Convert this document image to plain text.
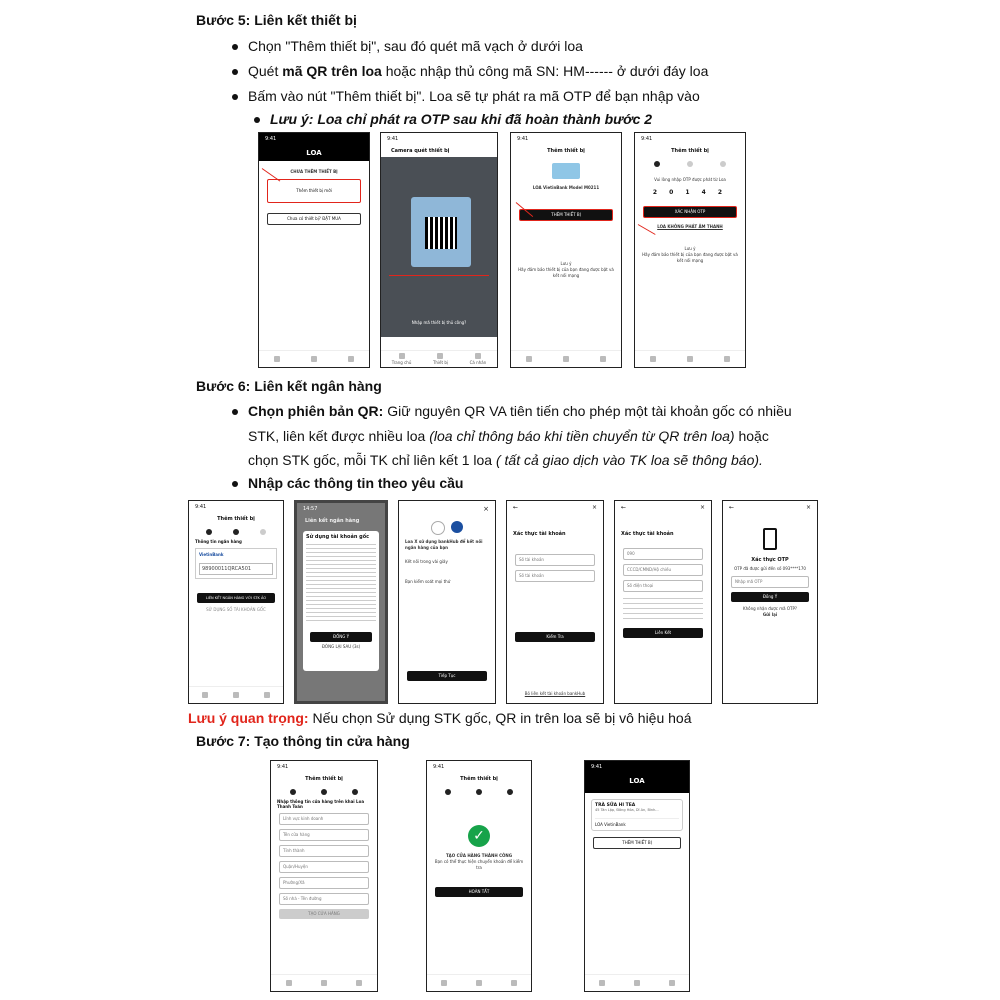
Bước 5: Liên kết thiết bị
Chọn "Thêm thiết bị", sau đó quét mã vạch ở dưới loa
Quét mã QR trên loa hoặc nhập thủ công mã SN: HM------ ở dưới đáy loa
Bấm vào nút "Thêm thiết bị". Loa sẽ tự phát ra mã OTP để bạn nhập vào
Lưu ý: Loa chỉ phát ra OTP sau khi đã hoàn thành bước 2
9:41
LOA
CHƯA THÊM THIẾT BỊ
Thêm thiết bị mới
Chưa có thiết bị? ĐẶT MUA
9:41
Camera quét thiết bị
Nhập mã thiết bị thủ công?

Trang chủ	Thiết bị	Cá nhân
9:41
Thêm thiết bị
LOA VietinBank Model M0211
THÊM THIẾT BỊ
Lưu ý
Hãy đảm bảo thiết bị của bạn đang được bật và kết nối mạng
9:41
Thêm thiết bị
Vui lòng nhập OTP được phát từ Loa
2 0 1 4 2
XÁC NHẬN OTP
LOA KHÔNG PHÁT ÂM THANH
Lưu ý
Hãy đảm bảo thiết bị của bạn đang được bật và kết nối mạng
Bước 6: Liên kết ngân hàng
Chọn phiên bản QR: Giữ nguyên QR VA tiên tiến cho phép một tài khoản gốc có nhiều
STK, liên kết được nhiều loa (loa chỉ thông báo khi tiền chuyển từ QR trên loa) hoặc
chọn STK gốc, mỗi TK chỉ liên kết 1 loa ( tất cả giao dịch vào TK loa sẽ thông báo).
Nhập các thông tin theo yêu cầu
9:41
Thêm thiết bị
Thông tin ngân hàng
VietinBank
98900011QRCA501
LIÊN KẾT NGÂN HÀNG VỚI STK ẢO
SỬ DỤNG SỐ TÀI KHOẢN GỐC
14:57
Liên kết ngân hàng
Sử dụng tài khoản gốc
ĐỒNG Ý
ĐÓNG LẠI SAU (3s)
×
Loa X sử dụng bankHub để kết nối ngân hàng của bạn
Kết nối trong vài giây
Bạn kiểm soát mọi thứ
Tiếp Tục
←	×
Xác thực tài khoản
Số tài khoản
Số tài khoản
Kiểm Tra
Bỏ liên kết tài khoản bankHub
←	×
Xác thực tài khoản
090
CCCD/CMND/Hộ chiếu
Số điện thoại
Liên Kết
←	×
Xác thực OTP
OTP đã được gửi đến số 093****170
Nhập mã OTP
Đồng Ý
Không nhận được mã OTP?
Gửi lại
Lưu ý quan trọng: Nếu chọn Sử dụng STK gốc, QR in trên loa sẽ bị vô hiệu hoá
Bước 7: Tạo thông tin cửa hàng
9:41
Thêm thiết bị
Nhập thông tin cửa hàng trên khai Loa Thanh Toán
Lĩnh vực kinh doanh
Tên cửa hàng
Tỉnh thành
Quận/Huyện
Phường/Xã
Số nhà - Tên đường
TẠO CỬA HÀNG
9:41
Thêm thiết bị
✓
TẠO CỬA HÀNG THÀNH CÔNG
Bạn có thể thực hiện chuyển khoản để kiểm tra
HOÀN TẤT
9:41
LOA
TRÀ SỮA HI TEA
45 Tân Lập, Đông Hòa, Dĩ An, Bình...
LOA VietinBank
THÊM THIẾT BỊ
